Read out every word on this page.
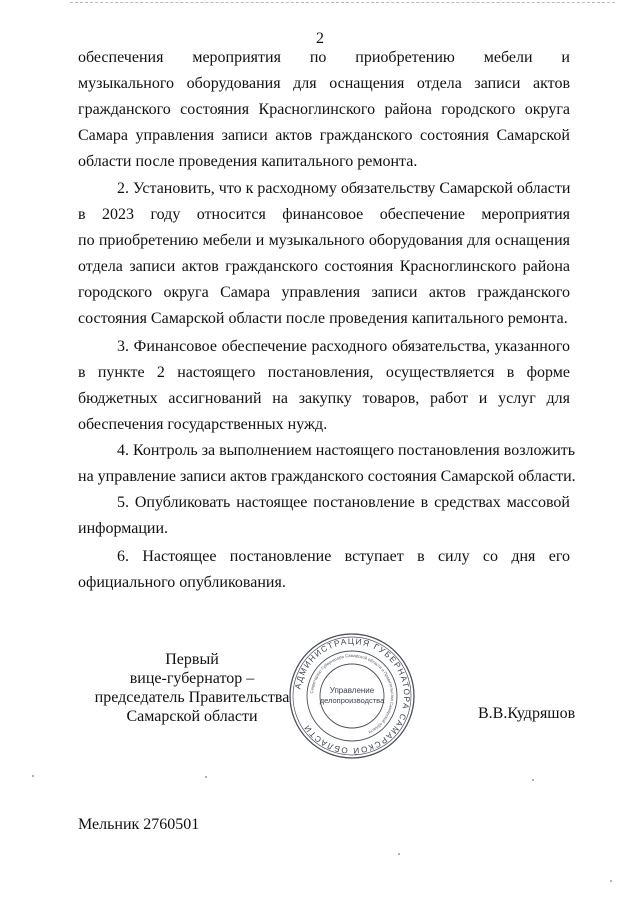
2
обеспечения мероприятия по приобретению мебели и
музыкального оборудования для оснащения отдела записи актов
гражданского состояния Красноглинского района городского округа
Самара управления записи актов гражданского состояния Самарской
области после проведения капитального ремонта.
2. Установить, что к расходному обязательству Самарской области
в 2023 году относится финансовое обеспечение мероприятия
по приобретению мебели и музыкального оборудования для оснащения
отдела записи актов гражданского состояния Красноглинского района
городского округа Самара управления записи актов гражданского
состояния Самарской области после проведения капитального ремонта.
3. Финансовое обеспечение расходного обязательства, указанного
в пункте 2 настоящего постановления, осуществляется в форме
бюджетных ассигнований на закупку товаров, работ и услуг для
обеспечения государственных нужд.
4. Контроль за выполнением настоящего постановления возложить
на управление записи актов гражданского состояния Самарской области.
5. Опубликовать настоящее постановление в средствах массовой
информации.
6. Настоящее постановление вступает в силу со дня его
официального опубликования.
Первый
вице-губернатор –
председатель Правительства
Самарской области
АДМИНИСТРАЦИЯ ГУБЕРНАТОРА САМАРСКОЙ ОБЛАСТИ
Секретариат Губернатора Самарской области и Правительства Самарской области
Управление
делопроизводства
В.В.Кудряшов
Мельник 2760501
